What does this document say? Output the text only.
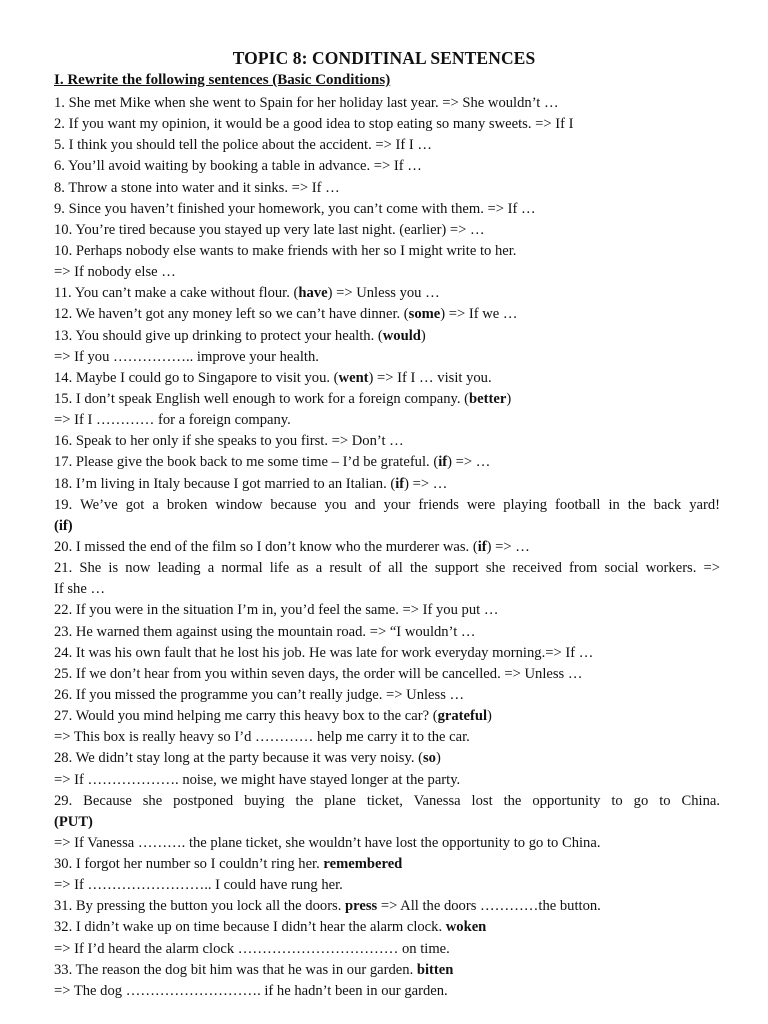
TOPIC 8: CONDITINAL SENTENCES
I. Rewrite the following sentences (Basic Conditions)
1. She met Mike when she went to Spain for her holiday last year. => She wouldn’t …
2. If you want my opinion, it would be a good idea to stop eating so many sweets. => If I
5. I think you should tell the police about the accident. => If I …
6. You’ll avoid waiting by booking a table in advance. => If …
8. Throw a stone into water and it sinks. => If …
9. Since you haven’t finished your homework, you can’t come with them. => If …
10. You’re tired because you stayed up very late last night. (earlier) => …
10. Perhaps nobody else wants to make friends with her so I might write to her.
=> If nobody else …
11. You can’t make a cake without flour. (have) => Unless you …
12. We haven’t got any money left so we can’t have dinner. (some) => If we …
13. You should give up drinking to protect your health. (would)
=> If you …………….. improve your health.
14. Maybe I could go to Singapore to visit you. (went) => If I … visit you.
15. I don’t speak English well enough to work for a foreign company. (better)
=> If I ………… for a foreign company.
16. Speak to her only if she speaks to you first. => Don’t …
17. Please give the book back to me some time – I’d be grateful. (if) => …
18. I’m living in Italy because I got married to an Italian. (if) => …
19. We’ve got a broken window because you and your friends were playing football in the back yard!
(if)
20. I missed the end of the film so I don’t know who the murderer was. (if) => …
21. She is now leading a normal life as a result of all the support she received from social workers. =>
If she …
22. If you were in the situation I’m in, you’d feel the same. => If you put …
23. He warned them against using the mountain road. => “I wouldn’t …
24. It was his own fault that he lost his job. He was late for work everyday morning.=> If …
25. If we don’t hear from you within seven days, the order will be cancelled. => Unless …
26. If you missed the programme you can’t really judge. => Unless …
27. Would you mind helping me carry this heavy box to the car? (grateful)
=> This box is really heavy so I’d ………… help me carry it to the car.
28. We didn’t stay long at the party because it was very noisy. (so)
=> If ………………. noise, we might have stayed longer at the party.
29. Because she postponed buying the plane ticket, Vanessa lost the opportunity to go to China.
(PUT)
=> If Vanessa ………. the plane ticket, she wouldn’t have lost the opportunity to go to China.
30. I forgot her number so I couldn’t ring her. remembered
=> If …………………….. I could have rung her.
31. By pressing the button you lock all the doors. press => All the doors …………the button.
32. I didn’t wake up on time because I didn’t hear the alarm clock. woken
=> If I’d heard the alarm clock …………………………… on time.
33. The reason the dog bit him was that he was in our garden. bitten
=> The dog ………………………. if he hadn’t been in our garden.
